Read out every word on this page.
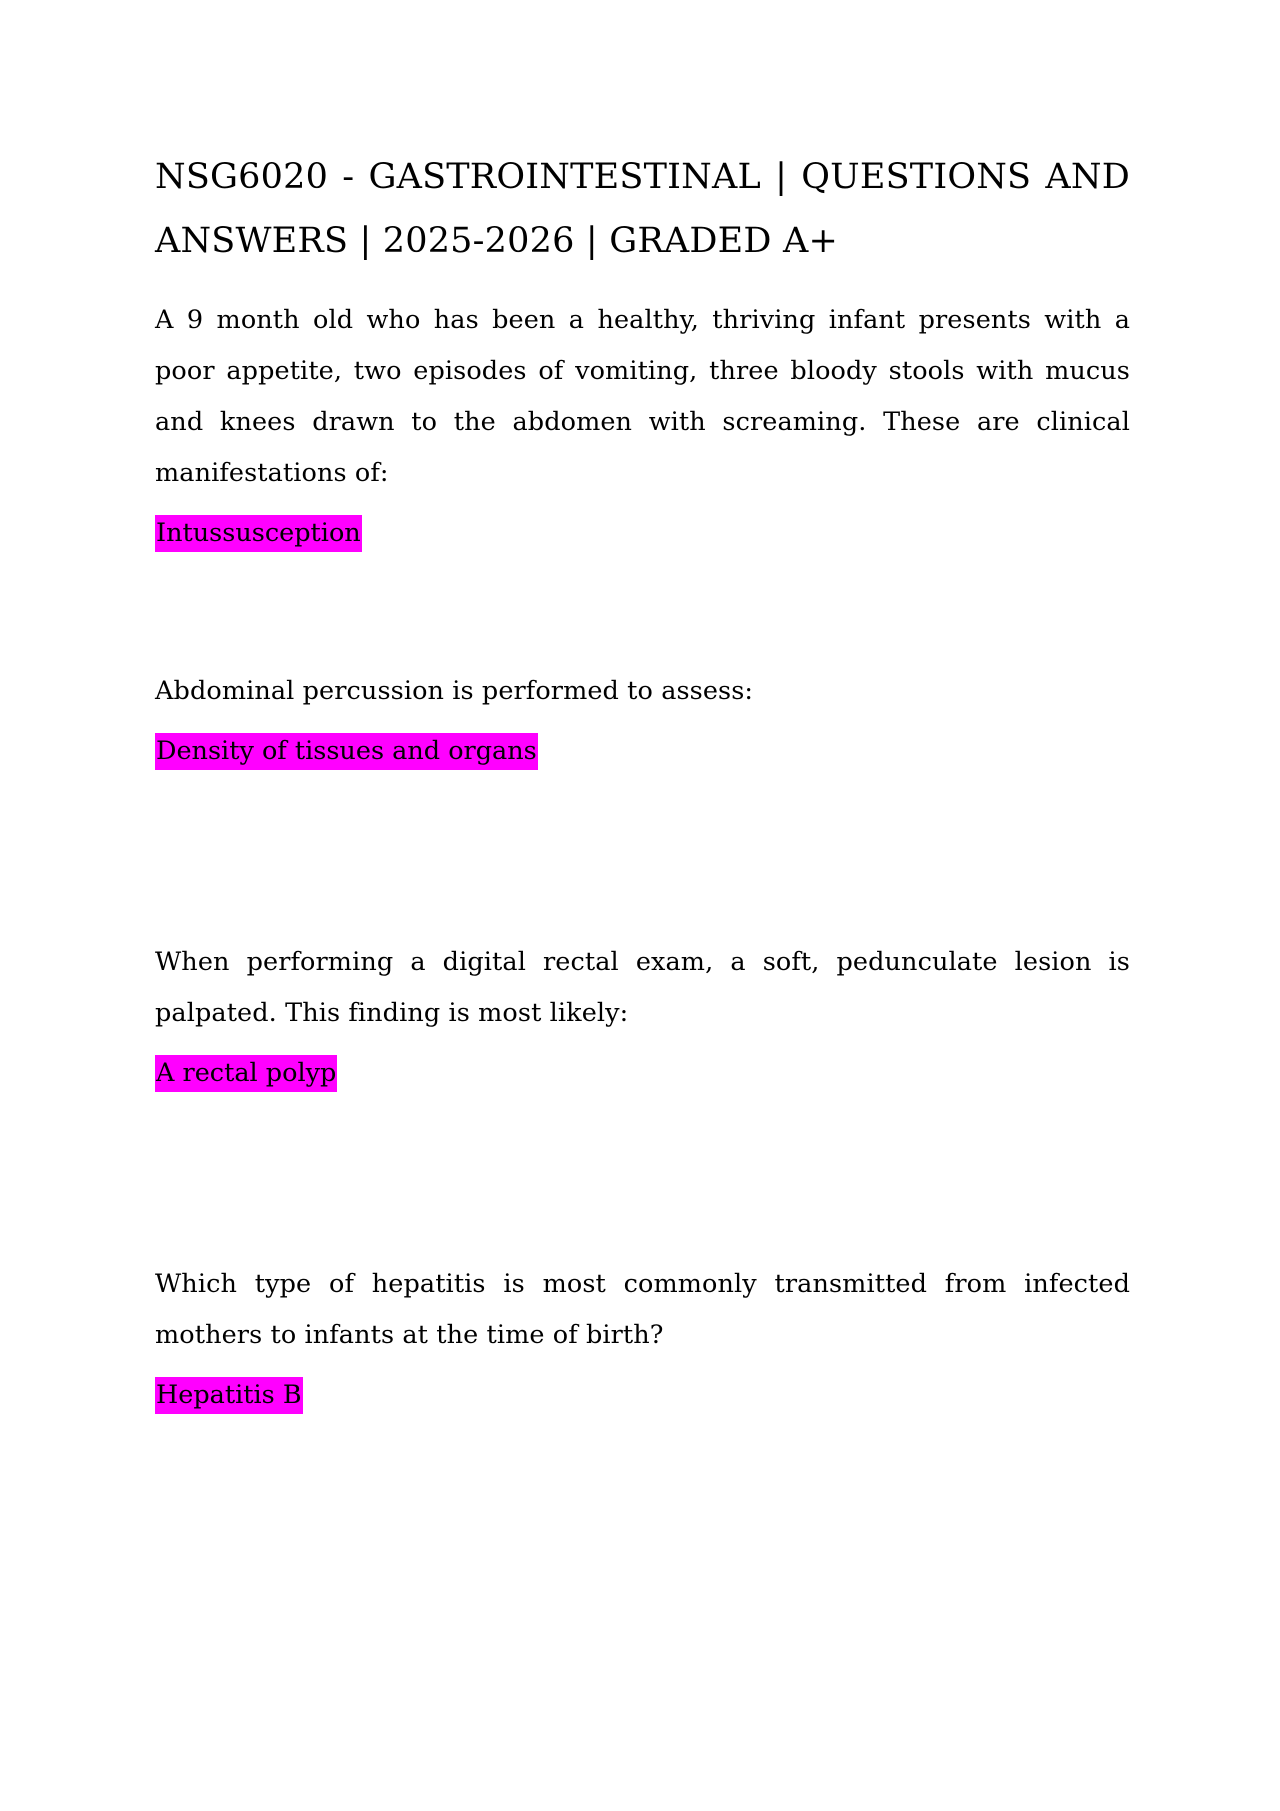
NSG6020 - GASTROINTESTINAL | QUESTIONS AND ANSWERS | 2025-2026 | GRADED A+

A 9 month old who has been a healthy, thriving infant presents with a poor appetite, two episodes of vomiting, three bloody stools with mucus and knees drawn to the abdomen with screaming. These are clinical manifestations of:

Intussusception

Abdominal percussion is performed to assess:

Density of tissues and organs

When performing a digital rectal exam, a soft, pedunculate lesion is palpated. This finding is most likely:

A rectal polyp

Which type of hepatitis is most commonly transmitted from infected mothers to infants at the time of birth?

Hepatitis B
